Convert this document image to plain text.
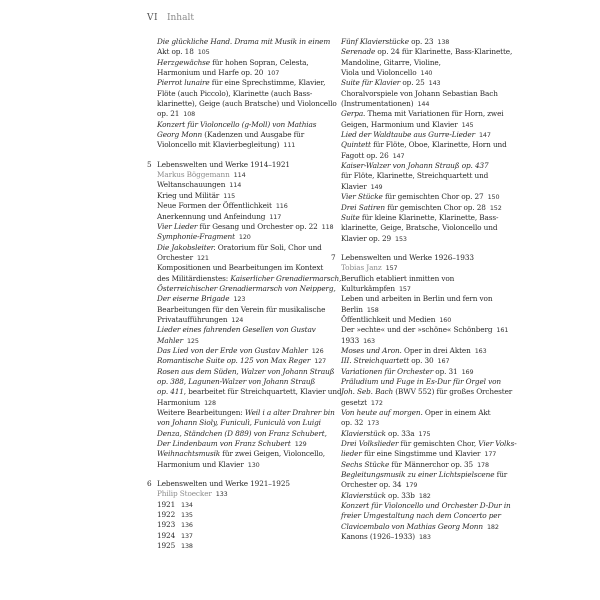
VI Inhalt
Die glückliche Hand. Drama mit Musik in einem
Akt op. 18 105
Herzgewächse für hohen Sopran, Celesta,
Harmonium und Harfe op. 20 107
Pierrot lunaire für eine Sprechstimme, Klavier,
Flöte (auch Piccolo), Klarinette (auch Bass-
klarinette), Geige (auch Bratsche) und Violoncello
op. 21 108
Konzert für Violoncello (g-Moll) von Mathias
Georg Monn (Kadenzen und Ausgabe für
Violoncello mit Klavierbegleitung) 111
5 Lebenswelten und Werke 1914–1921
Markus Böggemann 114
Weltanschauungen 114
Krieg und Militär 115
Neue Formen der Öffentlichkeit 116
Anerkennung und Anfeindung 117
Vier Lieder für Gesang und Orchester op. 22 118
Symphonie-Fragment 120
Die Jakobsleiter. Oratorium für Soli, Chor und
Orchester 121
Kompositionen und Bearbeitungen im Kontext
des Militärdienstes: Kaiserlicher Grenadiermarsch,
Österreichischer Grenadiermarsch von Neipperg,
Der eiserne Brigade 123
Bearbeitungen für den Verein für musikalische
Privataufführungen 124
Lieder eines fahrenden Gesellen von Gustav
Mahler 125
Das Lied von der Erde von Gustav Mahler 126
Romantische Suite op. 125 von Max Reger 127
Rosen aus dem Süden, Walzer von Johann Strauß
op. 388, Lagunen-Walzer von Johann Strauß
op. 411, bearbeitet für Streichquartett, Klavier und
Harmonium 128
Weitere Bearbeitungen: Weil i a alter Drahrer bin
von Johann Sioly, Funiculì, Funiculà von Luigi
Denza, Ständchen (D 889) von Franz Schubert,
Der Lindenbaum von Franz Schubert 129
Weihnachtsmusik für zwei Geigen, Violoncello,
Harmonium und Klavier 130
6 Lebenswelten und Werke 1921–1925
Philip Stoecker 133
1921 134
1922 135
1923 136
1924 137
1925 138
Fünf Klavierstücke op. 23 138
Serenade op. 24 für Klarinette, Bass-Klarinette,
Mandoline, Gitarre, Violine,
Viola und Violoncello 140
Suite für Klavier op. 25 143
Choralvorspiele von Johann Sebastian Bach
(Instrumentationen) 144
Gerpa. Thema mit Variationen für Horn, zwei
Geigen, Harmonium und Klavier 145
Lied der Waldtaube aus Gurre-Lieder 147
Quintett für Flöte, Oboe, Klarinette, Horn und
Fagott op. 26 147
Kaiser-Walzer von Johann Strauß op. 437
für Flöte, Klarinette, Streichquartett und
Klavier 149
Vier Stücke für gemischten Chor op. 27 150
Drei Satiren für gemischten Chor op. 28 152
Suite für kleine Klarinette, Klarinette, Bass-
klarinette, Geige, Bratsche, Violoncello und
Klavier op. 29 153
7 Lebenswelten und Werke 1926–1933
Tobias Janz 157
Beruflich etabliert inmitten von
Kulturkämpfen 157
Leben und arbeiten in Berlin und fern von
Berlin 158
Öffentlichkeit und Medien 160
Der »echte« und der »schöne« Schönberg 161
1933 163
Moses und Aron. Oper in drei Akten 163
III. Streichquartett op. 30 167
Variationen für Orchester op. 31 169
Präludium und Fuge in Es-Dur für Orgel von
Joh. Seb. Bach (BWV 552) für großes Orchester
gesetzt 172
Von heute auf morgen. Oper in einem Akt
op. 32 173
Klavierstück op. 33a 175
Drei Volkslieder für gemischten Chor, Vier Volks-
lieder für eine Singstimme und Klavier 177
Sechs Stücke für Männerchor op. 35 178
Begleitungsmusik zu einer Lichtspielscene für
Orchester op. 34 179
Klavierstück op. 33b 182
Konzert für Violoncello und Orchester D-Dur in
freier Umgestaltung nach dem Concerto per
Clavicembalo von Mathias Georg Monn 182
Kanons (1926–1933) 183
